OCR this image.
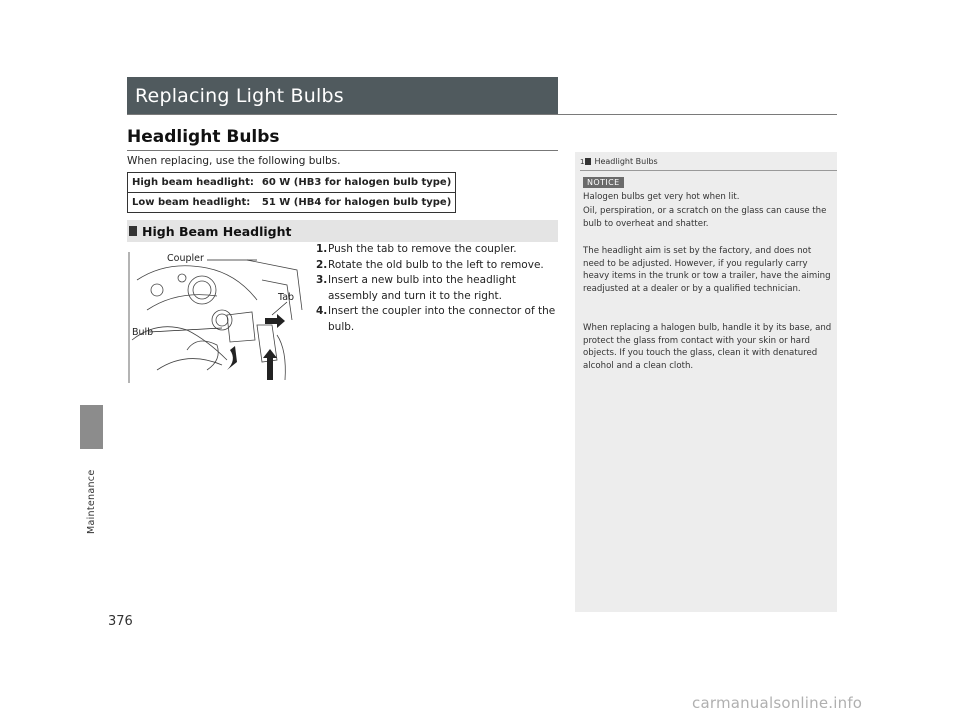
Maintenance
376
Replacing Light Bulbs
Headlight Bulbs
When replacing, use the following bulbs.
High beam headlight:	60 W (HB3 for halogen bulb type)
Low beam headlight:	51 W (HB4 for halogen bulb type)
High Beam Headlight
Coupler
Tab
Bulb
1. Push the tab to remove the coupler.
2. Rotate the old bulb to the left to remove.
3. Insert a new bulb into the headlight assembly and turn it to the right.
4. Insert the coupler into the connector of the bulb.
1 Headlight Bulbs
NOTICE
Halogen bulbs get very hot when lit.
Oil, perspiration, or a scratch on the glass can cause the bulb to overheat and shatter.
The headlight aim is set by the factory, and does not need to be adjusted. However, if you regularly carry heavy items in the trunk or tow a trailer, have the aiming readjusted at a dealer or by a qualified technician.
When replacing a halogen bulb, handle it by its base, and protect the glass from contact with your skin or hard objects. If you touch the glass, clean it with denatured alcohol and a clean cloth.
carmanualsonline.info
